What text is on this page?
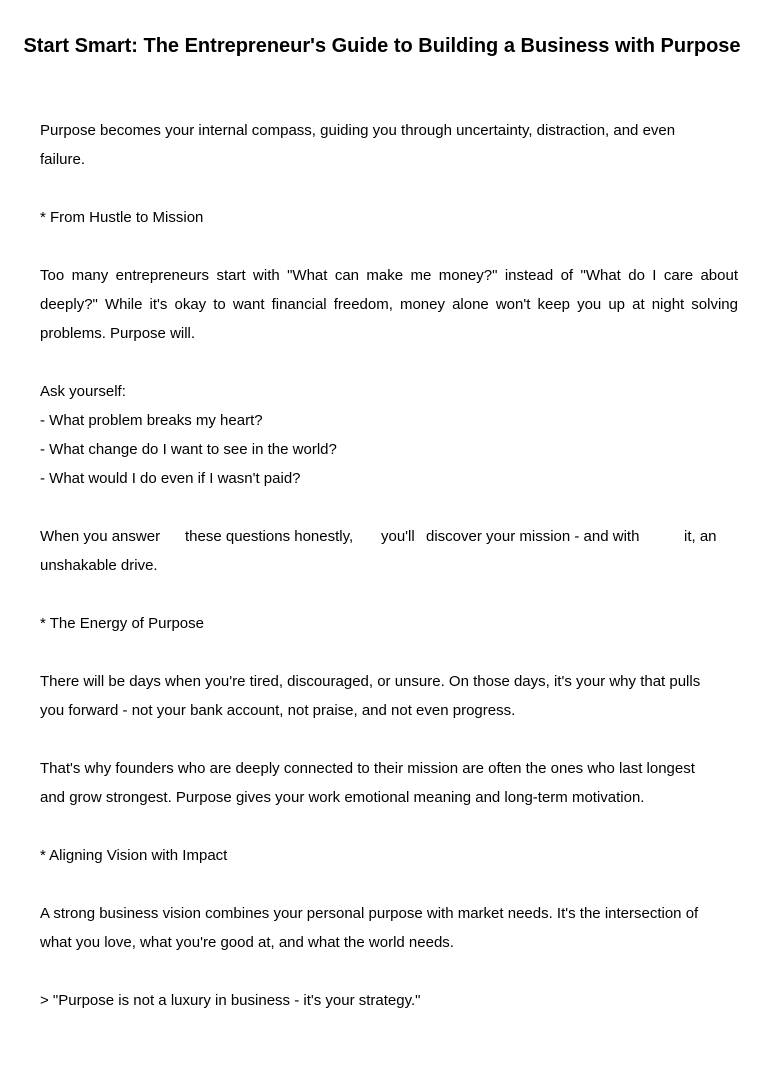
Start Smart: The Entrepreneur's Guide to Building a Business with Purpose

Purpose becomes your internal compass, guiding you through uncertainty, distraction, and even failure.

* From Hustle to Mission

Too many entrepreneurs start with "What can make me money?" instead of "What do I care about deeply?" While it's okay to want financial freedom, money alone won't keep you up at night solving problems. Purpose will.

Ask yourself:

- What problem breaks my heart?

- What change do I want to see in the world?

- What would I do even if I wasn't paid?

When you answer these questions honestly, you'll discover your mission - and with	it, an
unshakable drive.

* The Energy of Purpose

There will be days when you're tired, discouraged, or unsure. On those days, it's your why that pulls you forward - not your bank account, not praise, and not even progress.

That's why founders who are deeply connected to their mission are often the ones who last longest and grow strongest. Purpose gives your work emotional meaning and long-term motivation.

* Aligning Vision with Impact

A strong business vision combines your personal purpose with market needs. It's the intersection of what you love, what you're good at, and what the world needs.

> "Purpose is not a luxury in business - it's your strategy."
